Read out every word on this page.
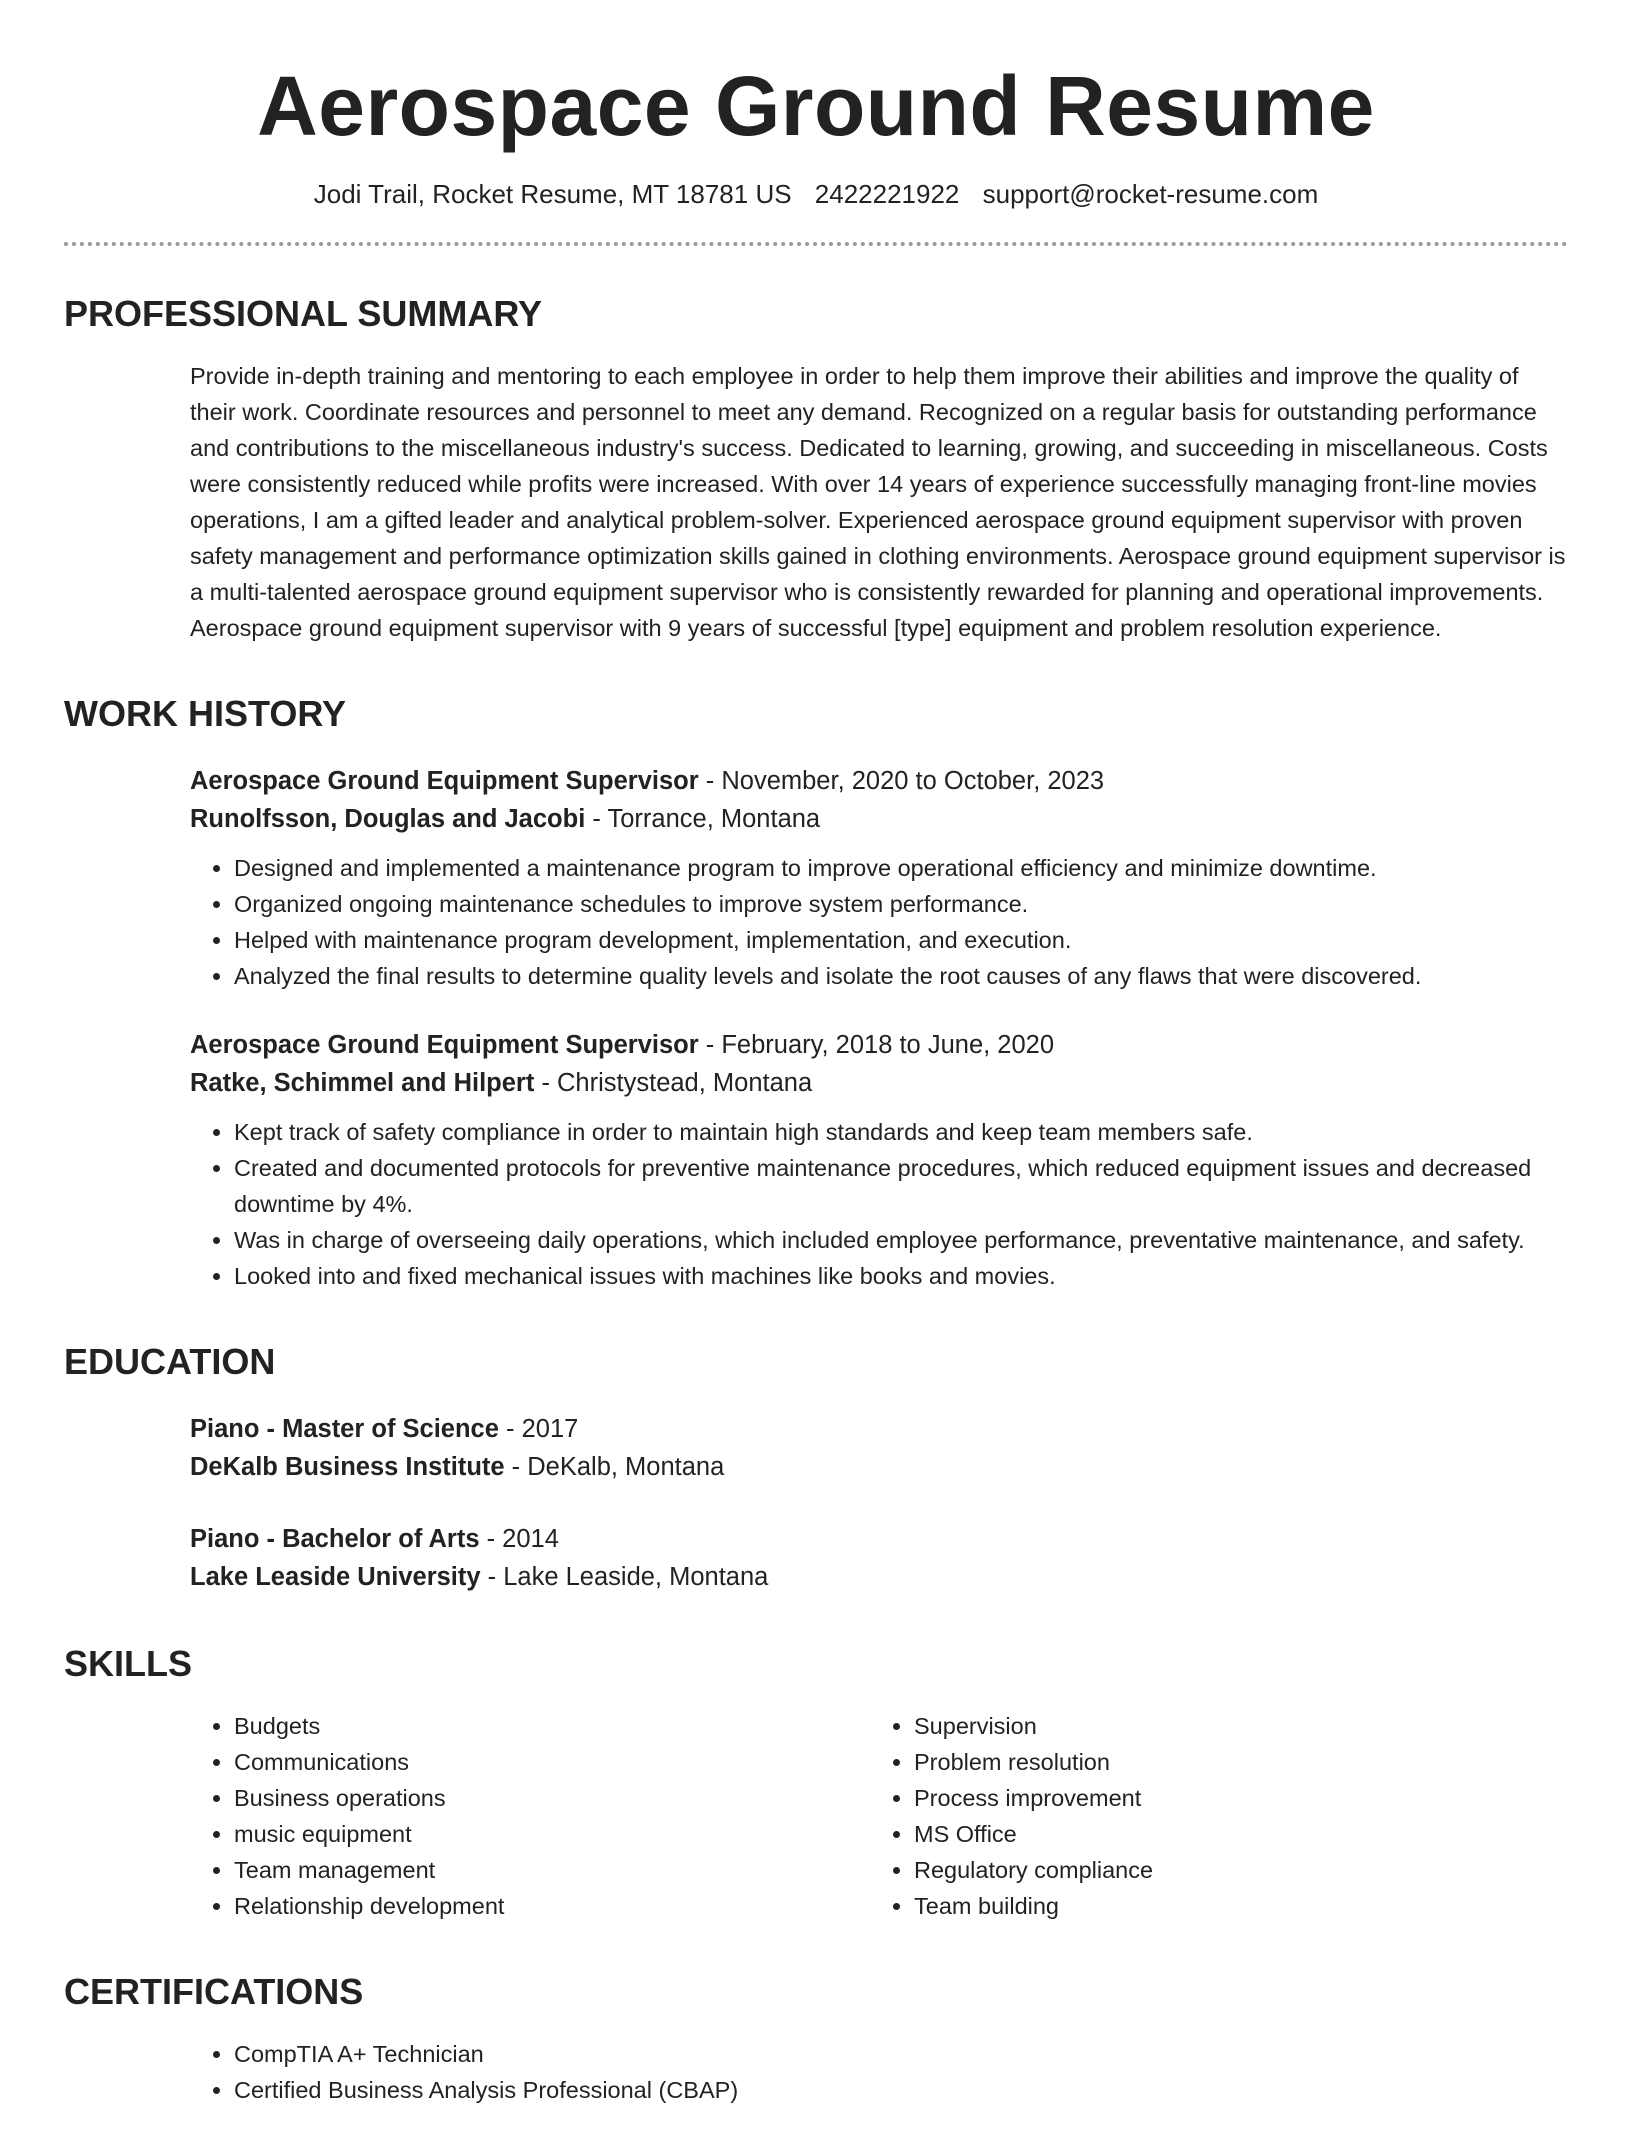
Aerospace Ground Resume
Jodi Trail, Rocket Resume, MT 18781 US 2422221922 support@rocket-resume.com
PROFESSIONAL SUMMARY
Provide in-depth training and mentoring to each employee in order to help them improve their abilities and improve the quality of their work. Coordinate resources and personnel to meet any demand. Recognized on a regular basis for outstanding performance and contributions to the miscellaneous industry's success. Dedicated to learning, growing, and succeeding in miscellaneous. Costs were consistently reduced while profits were increased. With over 14 years of experience successfully managing front-line movies operations, I am a gifted leader and analytical problem-solver. Experienced aerospace ground equipment supervisor with proven safety management and performance optimization skills gained in clothing environments. Aerospace ground equipment supervisor is a multi-talented aerospace ground equipment supervisor who is consistently rewarded for planning and operational improvements. Aerospace ground equipment supervisor with 9 years of successful [type] equipment and problem resolution experience.
WORK HISTORY
Aerospace Ground Equipment Supervisor - November, 2020 to October, 2023
Runolfsson, Douglas and Jacobi - Torrance, Montana
• Designed and implemented a maintenance program to improve operational efficiency and minimize downtime.
• Organized ongoing maintenance schedules to improve system performance.
• Helped with maintenance program development, implementation, and execution.
• Analyzed the final results to determine quality levels and isolate the root causes of any flaws that were discovered.
Aerospace Ground Equipment Supervisor - February, 2018 to June, 2020
Ratke, Schimmel and Hilpert - Christystead, Montana
• Kept track of safety compliance in order to maintain high standards and keep team members safe.
• Created and documented protocols for preventive maintenance procedures, which reduced equipment issues and decreased downtime by 4%.
• Was in charge of overseeing daily operations, which included employee performance, preventative maintenance, and safety.
• Looked into and fixed mechanical issues with machines like books and movies.
EDUCATION
Piano - Master of Science - 2017
DeKalb Business Institute - DeKalb, Montana
Piano - Bachelor of Arts - 2014
Lake Leaside University - Lake Leaside, Montana
SKILLS
• Budgets
• Communications
• Business operations
• music equipment
• Team management
• Relationship development
• Supervision
• Problem resolution
• Process improvement
• MS Office
• Regulatory compliance
• Team building
CERTIFICATIONS
• CompTIA A+ Technician
• Certified Business Analysis Professional (CBAP)
